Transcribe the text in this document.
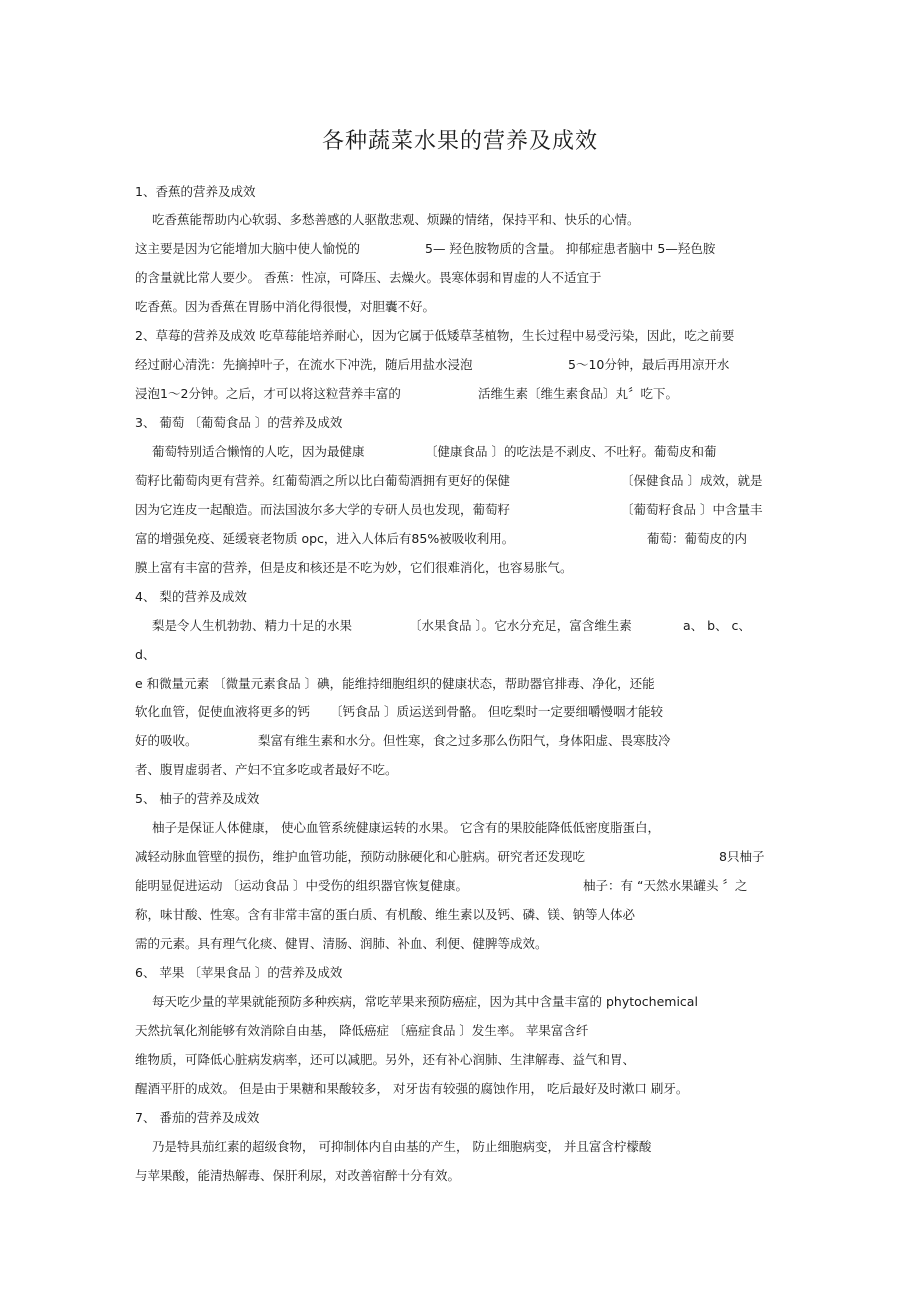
各种蔬菜水果的营养及成效
1、香蕉的营养及成效
吃香蕉能帮助内心软弱、多愁善感的人驱散悲观、烦躁的情绪，保持平和、快乐的心情。
这主要是因为它能增加大脑中使人愉悦的	5— 羟色胺物质的含量。 抑郁症患者脑中 5—羟色胺
的含量就比常人要少。 香蕉：性凉，可降压、去燥火。畏寒体弱和胃虚的人不适宜于
吃香蕉。因为香蕉在胃肠中消化得很慢，对胆囊不好。
2、草莓的营养及成效 吃草莓能培养耐心，因为它属于低矮草茎植物，生长过程中易受污染，因此，吃之前要
经过耐心清洗：先摘掉叶子，在流水下冲洗，随后用盐水浸泡	5～10分钟，最后再用凉开水
浸泡1～2分钟。之后，才可以将这粒营养丰富的	活维生素〔维生素食品〕丸〞吃下。
3、 葡萄 〔葡萄食品 〕的营养及成效
葡萄特别适合懒惰的人吃，因为最健康	〔健康食品 〕的吃法是不剥皮、不吐籽。葡萄皮和葡
萄籽比葡萄肉更有营养。红葡萄酒之所以比白葡萄酒拥有更好的保健	〔保健食品 〕成效，就是
因为它连皮一起酿造。而法国波尔多大学的专研人员也发现，葡萄籽	〔葡萄籽食品 〕中含量丰
富的增强免疫、延缓衰老物质 opc，进入人体后有85%被吸收利用。	葡萄：葡萄皮的内
膜上富有丰富的营养，但是皮和核还是不吃为妙，它们很难消化，也容易胀气。
4、 梨的营养及成效
梨是令人生机勃勃、精力十足的水果	〔水果食品 〕。它水分充足，富含维生素	a、 b、 c、
d、
e 和微量元素 〔微量元素食品 〕碘，能维持细胞组织的健康状态，帮助器官排毒、净化，还能
软化血管，促使血液将更多的钙 〔钙食品 〕质运送到骨骼。 但吃梨时一定要细嚼慢咽才能较
好的吸收。	梨富有维生素和水分。但性寒，食之过多那么伤阳气，身体阳虚、畏寒肢冷
者、腹胃虚弱者、产妇不宜多吃或者最好不吃。
5、 柚子的营养及成效
柚子是保证人体健康， 使心血管系统健康运转的水果。 它含有的果胶能降低低密度脂蛋白，
减轻动脉血管壁的损伤，维护血管功能，预防动脉硬化和心脏病。研究者还发现吃	8只柚子
能明显促进运动 〔运动食品 〕中受伤的组织器官恢复健康。	柚子：有 “天然水果罐头 〞之
称，味甘酸、性寒。含有非常丰富的蛋白质、有机酸、维生素以及钙、磷、镁、钠等人体必
需的元素。具有理气化痰、健胃、清肠、润肺、补血、利便、健脾等成效。
6、 苹果 〔苹果食品 〕的营养及成效
每天吃少量的苹果就能预防多种疾病，常吃苹果来预防癌症，因为其中含量丰富的 phytochemical
天然抗氧化剂能够有效消除自由基， 降低癌症 〔癌症食品 〕发生率。 苹果富含纤
维物质，可降低心脏病发病率，还可以减肥。另外，还有补心润肺、生津解毒、益气和胃、
醒酒平肝的成效。 但是由于果糖和果酸较多， 对牙齿有较强的腐蚀作用， 吃后最好及时漱口 刷牙。
7、 番茄的营养及成效
乃是特具茄红素的超级食物， 可抑制体内自由基的产生， 防止细胞病变， 并且富含柠檬酸
与苹果酸，能清热解毒、保肝利尿，对改善宿醉十分有效。
